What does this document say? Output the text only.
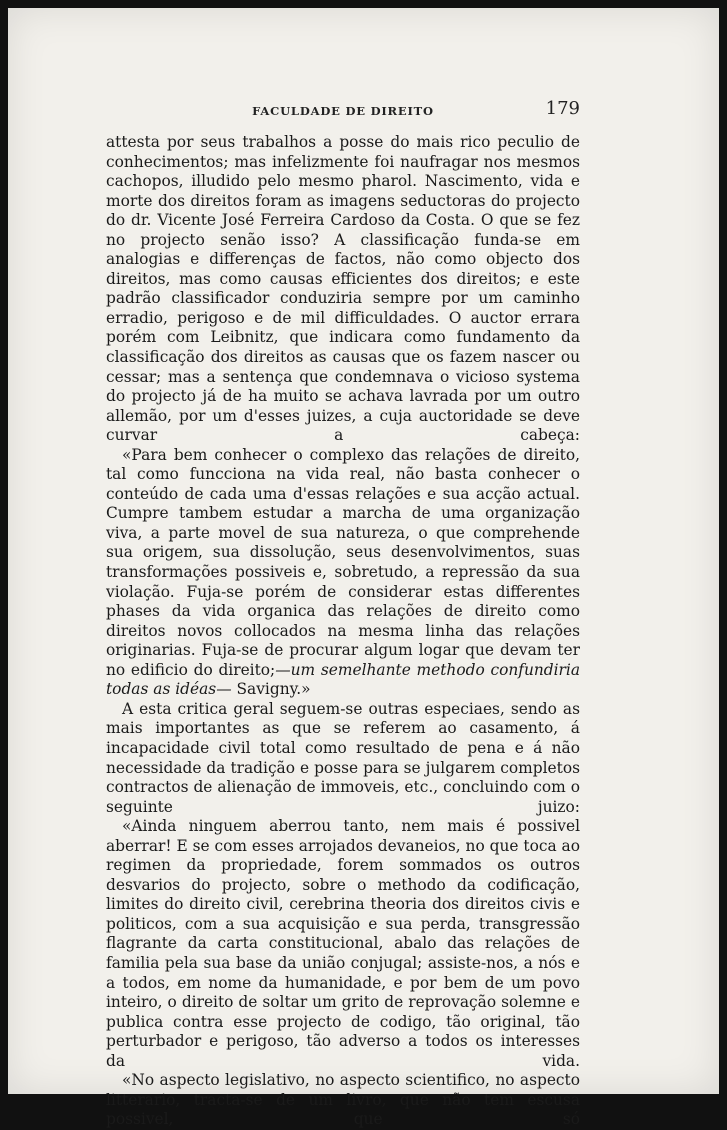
FACULDADE DE DIREITO	179

attesta por seus trabalhos a posse do mais rico peculio de conhecimentos; mas infelizmente foi naufragar nos mesmos cachopos, illudido pelo mesmo pharol. Nascimento, vida e morte dos direitos foram as imagens seductoras do projecto do dr. Vicente José Ferreira Cardoso da Costa. O que se fez no projecto senão isso? A classificação funda-se em analogias e differenças de factos, não como objecto dos direitos, mas como causas efficientes dos direitos; e este padrão classificador conduziria sempre por um caminho erradio, perigoso e de mil difficuldades. O auctor errara porém com Leibnitz, que indicara como fundamento da classificação dos direitos as causas que os fazem nascer ou cessar; mas a sentença que condemnava o vicioso systema do projecto já de ha muito se achava lavrada por um outro allemão, por um d'esses juizes, a cuja auctoridade se deve curvar a cabeça:

«Para bem conhecer o complexo das relações de direito, tal como funcciona na vida real, não basta conhecer o conteúdo de cada uma d'essas relações e sua acção actual. Cumpre tambem estudar a marcha de uma organização viva, a parte movel de sua natureza, o que comprehende sua origem, sua dissolução, seus desenvolvimentos, suas transformações possiveis e, sobretudo, a repressão da sua violação. Fuja-se porém de considerar estas differentes phases da vida organica das relações de direito como direitos novos collocados na mesma linha das relações originarias. Fuja-se de procurar algum logar que devam ter no edificio do direito;—um semelhante methodo confundiria todas as idéas— Savigny.»

A esta critica geral seguem-se outras especiaes, sendo as mais importantes as que se referem ao casamento, á incapacidade civil total como resultado de pena e á não necessidade da tradição e posse para se julgarem completos contractos de alienação de immoveis, etc., concluindo com o seguinte juizo:

«Ainda ninguem aberrou tanto, nem mais é possivel aberrar! E se com esses arrojados devaneios, no que toca ao regimen da propriedade, forem sommados os outros desvarios do projecto, sobre o methodo da codificação, limites do direito civil, cerebrina theoria dos direitos civis e politicos, com a sua acquisição e sua perda, transgressão flagrante da carta constitucional, abalo das relações de familia pela sua base da união conjugal; assiste-nos, a nós e a todos, em nome da humanidade, e por bem de um povo inteiro, o direito de soltar um grito de reprovação solemne e publica contra esse projecto de codigo, tão original, tão perturbador e perigoso, tão adverso a todos os interesses da vida.

«No aspecto legislativo, no aspecto scientifico, no aspecto litterario, tracta-se de um livro, que não tem escusa possivel, que só
